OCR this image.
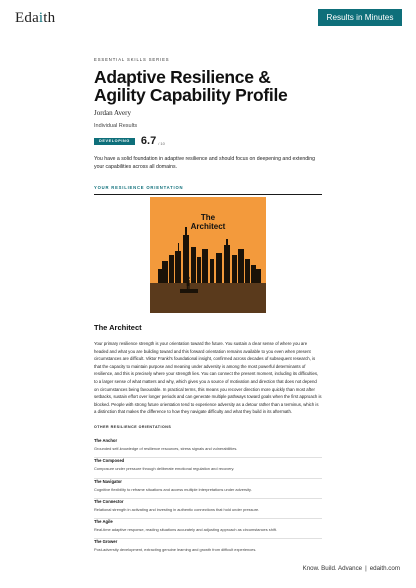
Edaith	Results in Minutes
ESSENTIAL SKILLS SERIES
Adaptive Resilience & Agility Capability Profile
Jordan Avery
Individual Results
DEVELOPING	6.7 / 10
You have a solid foundation in adaptive resilience and should focus on deepening and extending your capabilities across all domains.
YOUR RESILIENCE ORIENTATION
The
Architect
The Architect
Your primary resilience strength is your orientation toward the future. You sustain a clear sense of where you are headed and what you are building toward and this forward orientation remains available to you even when present circumstances are difficult. Viktor Frankl's foundational insight, confirmed across decades of subsequent research, is that the capacity to maintain purpose and meaning under adversity is among the most powerful determinants of resilience, and this is precisely where your strength lies. You can connect the present moment, including its difficulties, to a larger sense of what matters and why, which gives you a source of motivation and direction that does not depend on circumstances being favourable. In practical terms, this means you recover direction more quickly than most after setbacks, sustain effort over longer periods and can generate multiple pathways toward goals when the first approach is blocked. People with strong future orientation tend to experience adversity as a detour rather than a terminus, which is a distinction that makes the difference to how they navigate difficulty and what they build in its aftermath.
OTHER RESILIENCE ORIENTATIONS
The Anchor
Grounded self-knowledge of resilience resources, stress signals and vulnerabilities.
The Composed
Composure under pressure through deliberate emotional regulation and recovery.
The Navigator
Cognitive flexibility to reframe situations and access multiple interpretations under adversity.
The Connector
Relational strength in activating and investing in authentic connections that hold under pressure.
The Agile
Real-time adaptive response, reading situations accurately and adjusting approach as circumstances shift.
The Grower
Post-adversity development, extracting genuine learning and growth from difficult experiences.
Know. Build. Advance | edaith.com
